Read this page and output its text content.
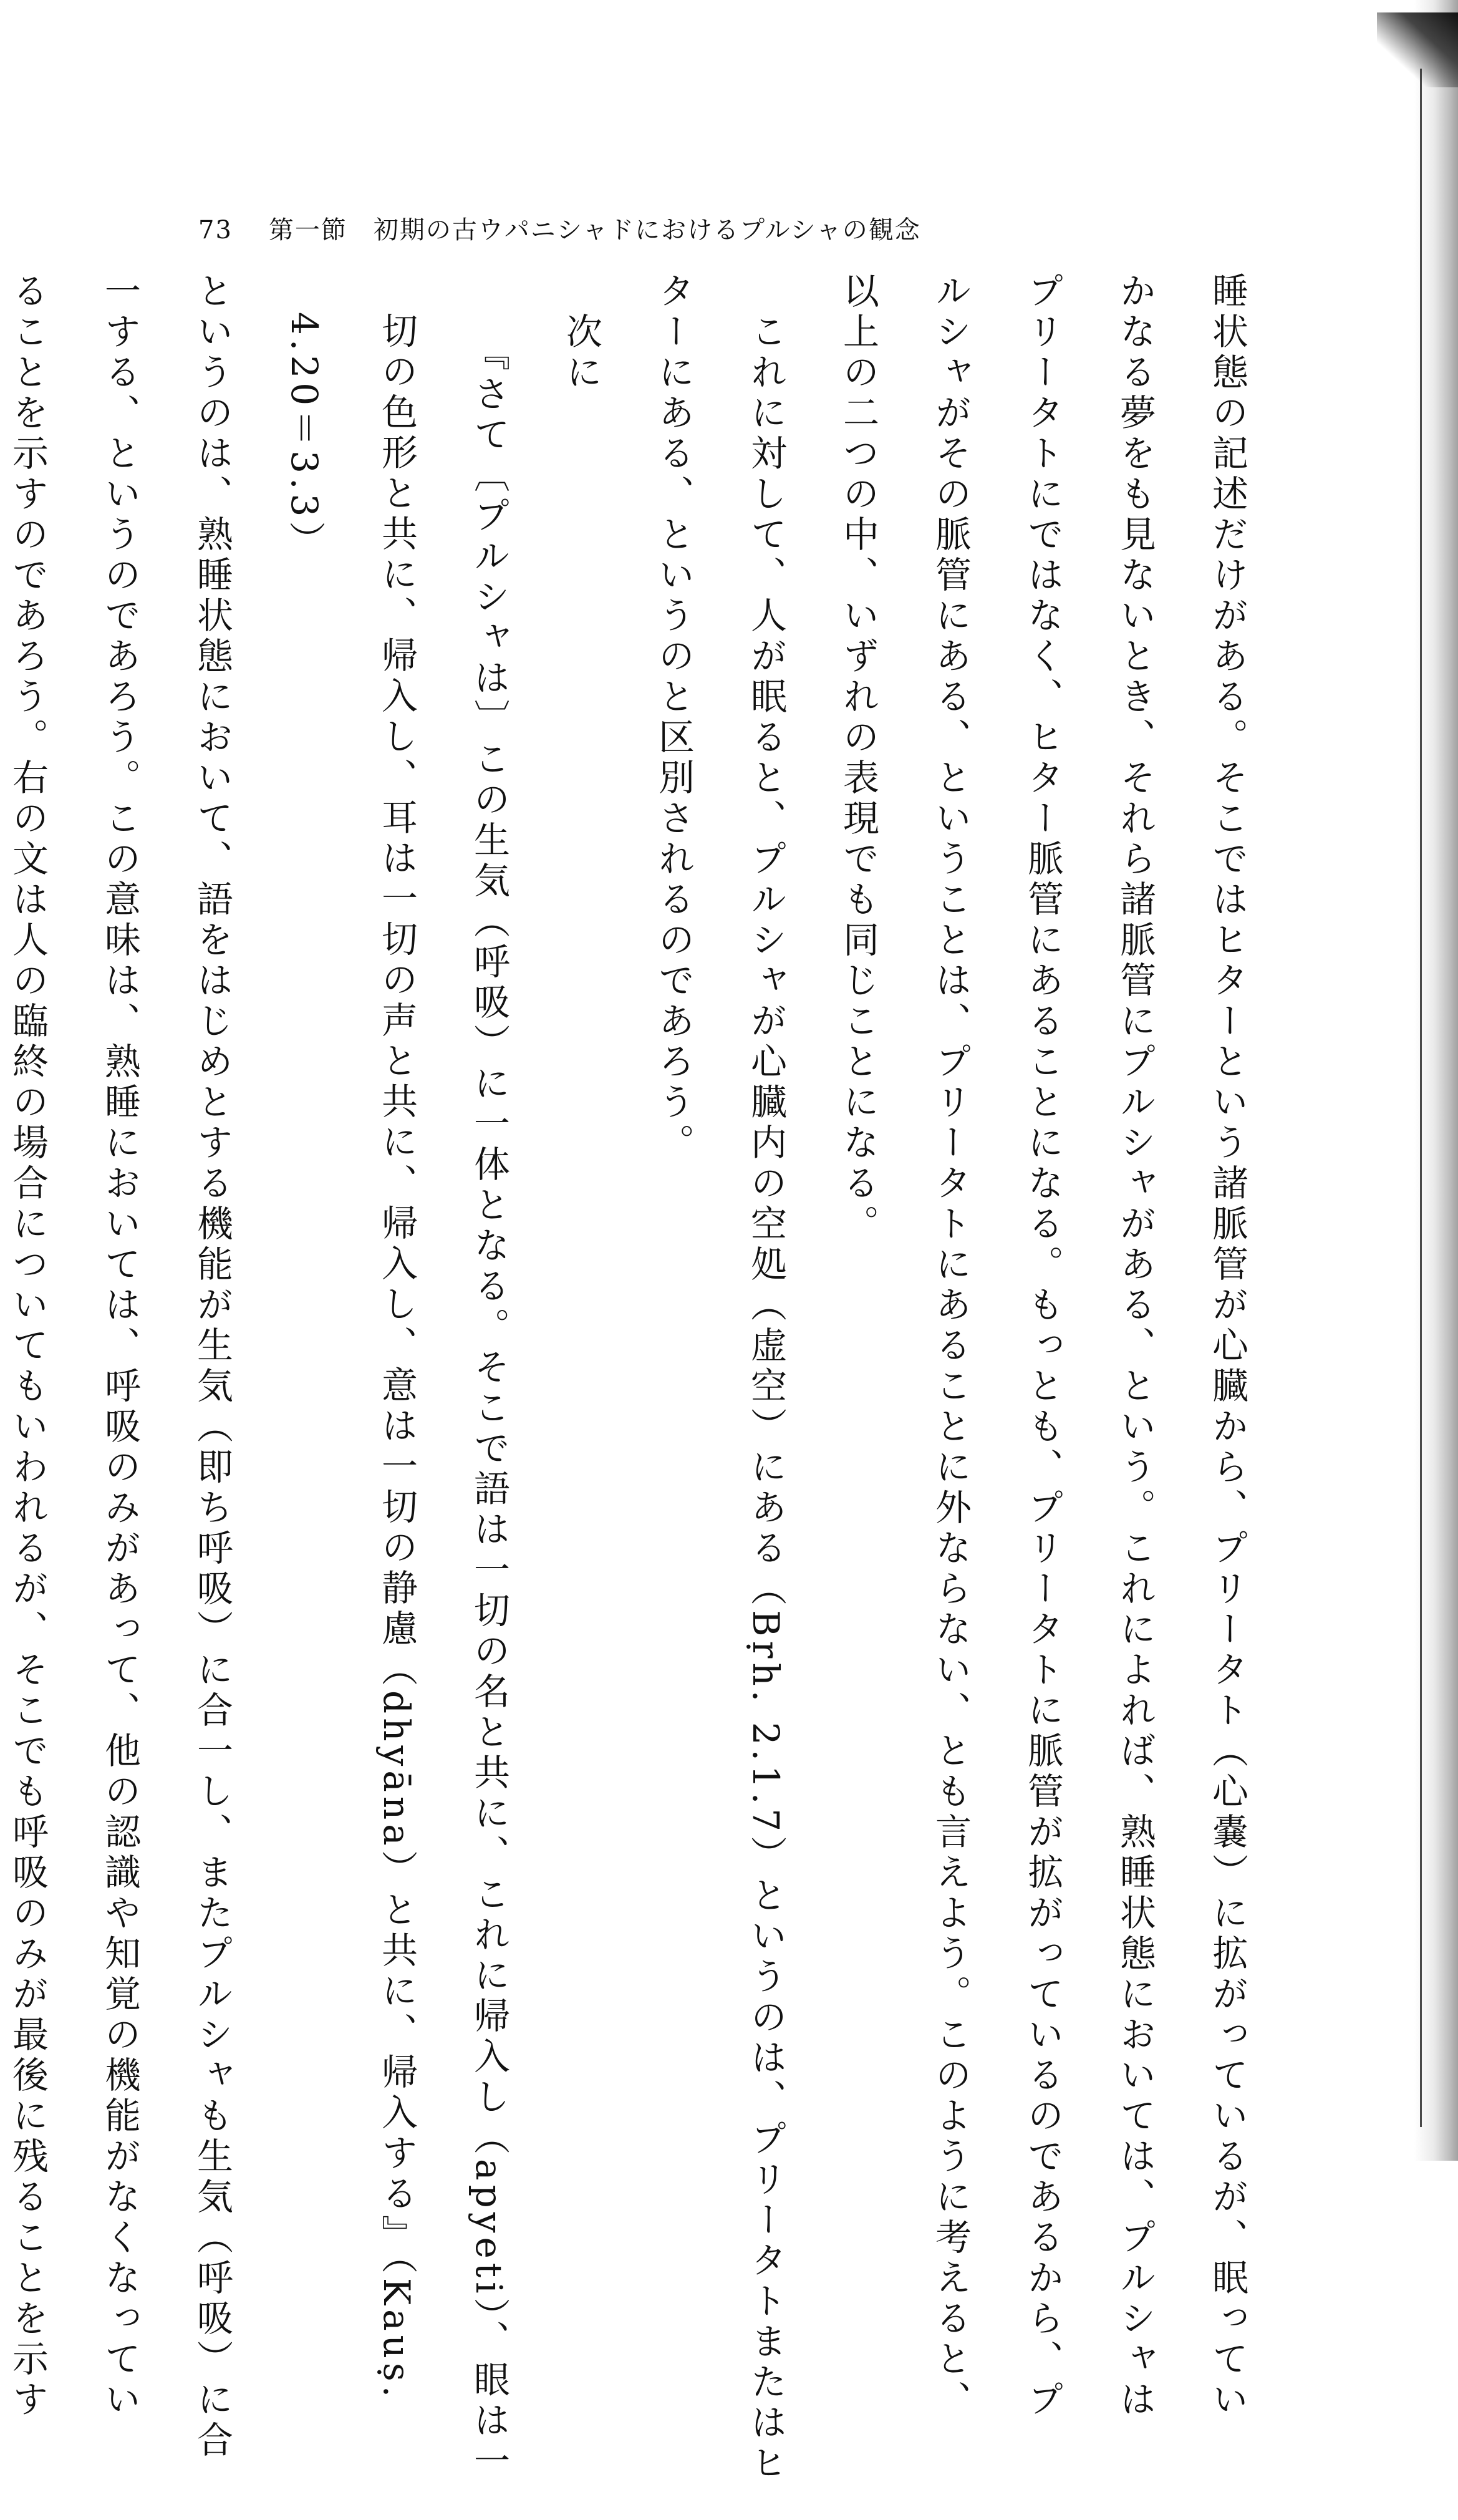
73 第一節　初期の古ウパニシャドにおけるプルシャの観念

睡状態の記述だけがある。そこではヒターという諸脈管が心臓から、プリータト（心嚢）に拡がっているが、眠ってい

かなる夢をも見ないとき、それら諸脈管にプルシャがある、という。これによれば、熟睡状態においては、プルシャは

プリータトにではなく、ヒター脈管にあることになる。もっとも、プリータトに脈管が拡がっているのであるから、プ

ルシャがその脈管にある、ということは、プリータトにあることに外ならない、とも言えよう。このように考えると、

以上の二つの中、いずれの表現でも同じことになる。

　これに対して、人が眠ると、プルシャが心臓内の空処（虚空）にある（Bṛh. 2.1.7）というのは、プリータトまたはヒ

ターにある、というのと区別されるのであろう。

　次に

　『さて〔プルシャは〕この生気（呼吸）に一体となる。そこで語は一切の名と共に、これに帰入し（apyeti）、眼は一

切の色形と共に、帰入し、耳は一切の声と共に、帰入し、意は一切の静慮（dhyāna）と共に、帰入する』（Kauṣ.

4.20＝3.3）

というのは、熟睡状態において、語をはじめとする機能が生気（即ち呼吸）に合一し、またプルシャも生気（呼吸）に合

一する、というのであろう。この意味は、熟睡においては、呼吸のみがあって、他の認識や知覚の機能がなくなってい

ることを示すのであろう。右の文は人の臨終の場合についてもいわれるが、そこでも呼吸のみが最後に残ることを示す
